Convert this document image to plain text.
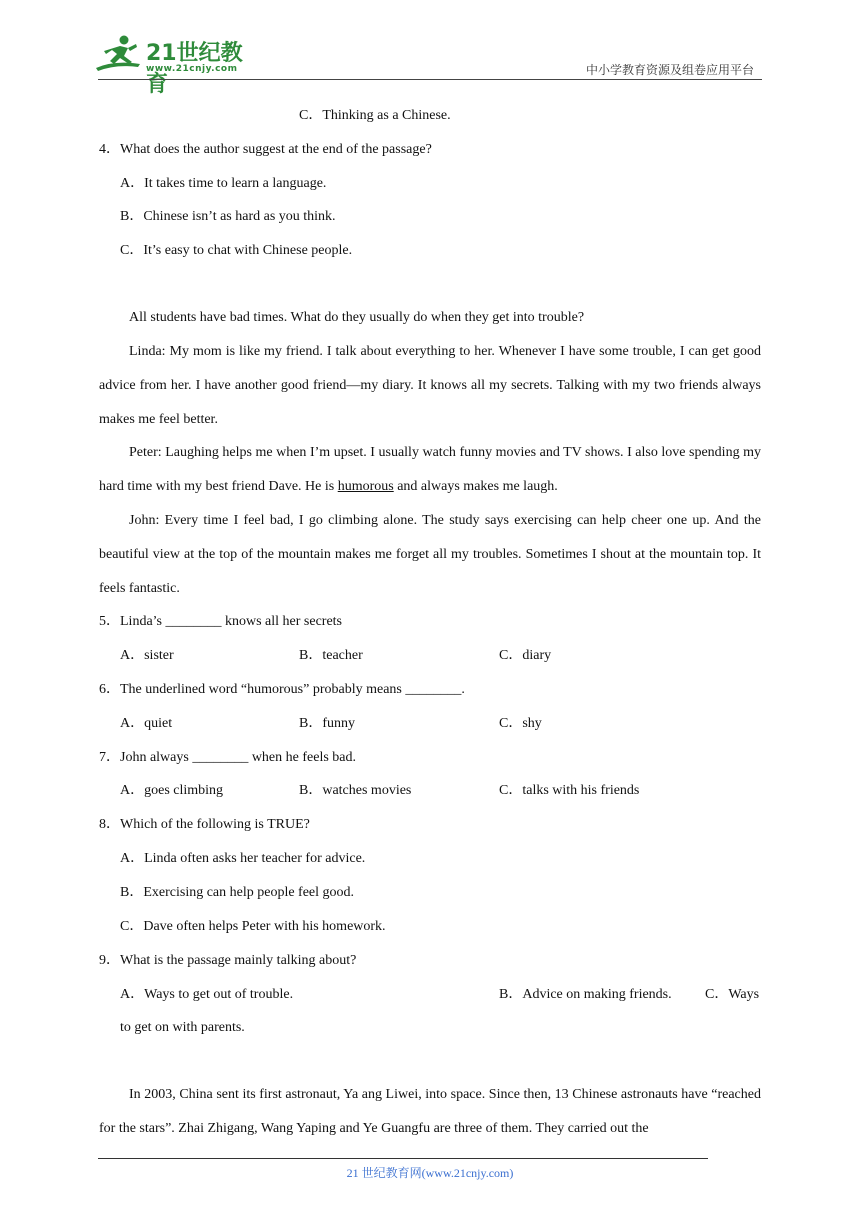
21世纪教育
www.21cnjy.com	中小学教育资源及组卷应用平台
C．Thinking as a Chinese.
4．What does the author suggest at the end of the passage?
A．It takes time to learn a language.
B．Chinese isn’t as hard as you think.
C．It’s easy to chat with Chinese people.
All students have bad times. What do they usually do when they get into trouble?
Linda: My mom is like my friend. I talk about everything to her. Whenever I have some trouble, I can get good advice from her. I have another good friend—my diary. It knows all my secrets. Talking with my two friends always makes me feel better.
Peter: Laughing helps me when I’m upset. I usually watch funny movies and TV shows. I also love spending my hard time with my best friend Dave. He is humorous and always makes me laugh.
John: Every time I feel bad, I go climbing alone. The study says exercising can help cheer one up. And the beautiful view at the top of the mountain makes me forget all my troubles. Sometimes I shout at the mountain top. It feels fantastic.
5．Linda’s ________ knows all her secrets
A．sister	B．teacher	C．diary
6．The underlined word “humorous” probably means ________.
A．quiet	B．funny	C．shy
7．John always ________ when he feels bad.
A．goes climbing	B．watches movies	C．talks with his friends
8．Which of the following is TRUE?
A．Linda often asks her teacher for advice.
B．Exercising can help people feel good.
C．Dave often helps Peter with his homework.
9．What is the passage mainly talking about?
A．Ways to get out of trouble.	B．Advice on making friends. C．Ways
to get on with parents.
In 2003, China sent its first astronaut, Ya ang Liwei, into space. Since then, 13 Chinese astronauts have “reached for the stars”. Zhai Zhigang, Wang Yaping and Ye Guangfu are three of them. They carried out the
21 世纪教育网(www.21cnjy.com)
